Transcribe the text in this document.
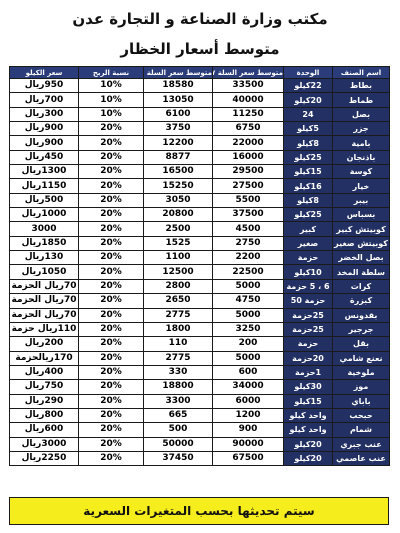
مكتب وزارة الصناعة و التجارة عدن
متوسط أسعار الخظار
اسم الصنف	الوحدة	متوسط سعر السلة	متوسط سعر السلة	نسبة الربح	سعر الكيلو
بطاط	22كيلو	33500	18580	10%	950ريال
طماط	20كيلو	40000	13050	10%	700ريال
بصل	24	11250	6100	10%	300ريال
جزر	5كيلو	6750	3750	20%	900ريال
بامية	8كيلو	22000	12200	20%	900ريال
باذنجان	25كيلو	16000	8877	20%	450ريال
كوسة	15كيلو	29500	16500	20%	1300ريال
خيار	16كيلو	27500	15250	20%	1150ريال
بيبر	8كيلو	5500	3050	20%	500ريال
بسباس	25كيلو	37500	20800	20%	1000ريال
كوبيتش كبير	كبير	4500	2500	20%	3000
كوبيتش صغير	صغير	2750	1525	20%	1850ريال
بصل الخضر	حزمة	2200	1100	20%	130ريال
سلطة المخد	10كيلو	22500	12500	20%	1050ريال
كرات	6 ، 5 حزمة	5000	2800	20%	70ريال الحزمة
كبزرة	حزمة 50	4750	2650	20%	70ريال الحزمة
بقدونس	25حزمة	5000	2775	20%	70ريال الحزمة
جرجير	25حزمة	3250	1800	20%	110ريال حزمة
بقل	حزمة	200	110	20%	200ريال
نعنع شامي	20حزمة	5000	2775	20%	170ريالحزمة
ملوخية	1حزمة	600	330	20%	400ريال
موز	30كيلو	34000	18800	20%	750ريال
باباي	15كيلو	6000	3300	20%	290ريال
حبحب	واحد كيلو	1200	665	20%	800ريال
شمام	واحد كيلو	900	500	20%	600ريال
عنب جبري	20كيلو	90000	50000	20%	3000ريال
عنب عاصمي	20كيلو	67500	37450	20%	2250ريال
سيتم تحديثها بحسب المتغيرات السعرية
